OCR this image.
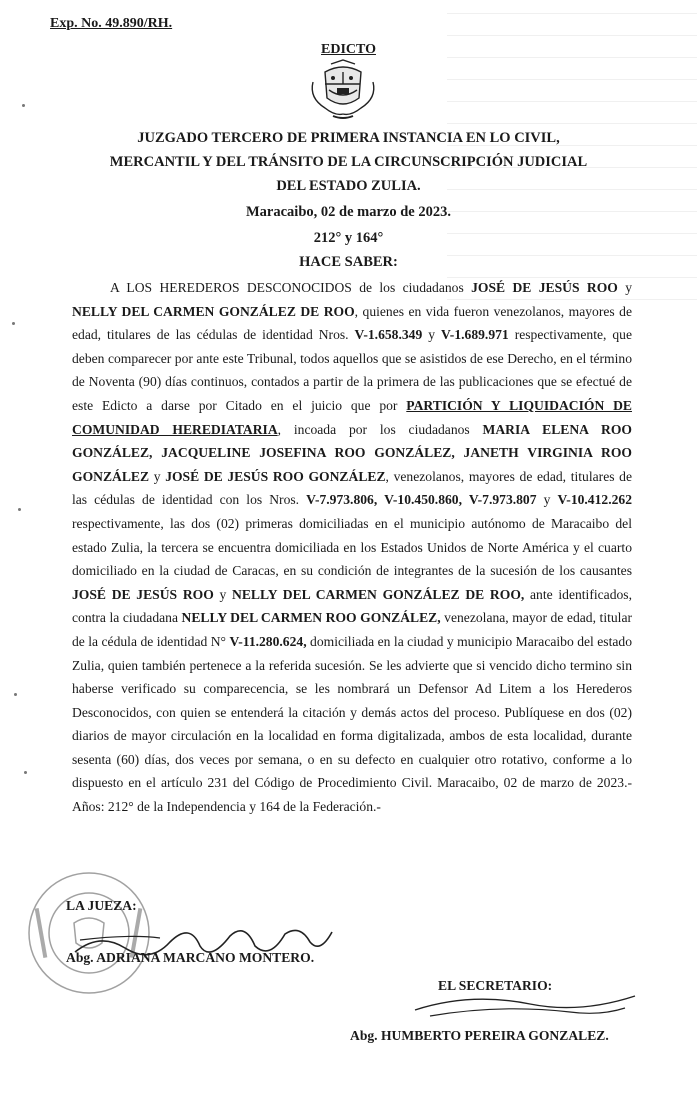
Exp. No. 49.890/RH.
EDICTO
JUZGADO TERCERO DE PRIMERA INSTANCIA EN LO CIVIL,
MERCANTIL Y DEL TRÁNSITO DE LA CIRCUNSCRIPCIÓN JUDICIAL
DEL ESTADO ZULIA.
Maracaibo, 02 de marzo de 2023.
212° y 164°
HACE SABER:

A LOS HEREDEROS DESCONOCIDOS de los ciudadanos JOSÉ DE JESÚS ROO y NELLY DEL CARMEN GONZÁLEZ DE ROO, quienes en vida fueron venezolanos, mayores de edad, titulares de las cédulas de identidad Nros. V-1.658.349 y V-1.689.971 respectivamente, que deben comparecer por ante este Tribunal, todos aquellos que se asistidos de ese Derecho, en el término de Noventa (90) días continuos, contados a partir de la primera de las publicaciones que se efectué de este Edicto a darse por Citado en el juicio que por PARTICIÓN Y LIQUIDACIÓN DE COMUNIDAD HEREDIATARIA, incoada por los ciudadanos MARIA ELENA ROO GONZÁLEZ, JACQUELINE JOSEFINA ROO GONZÁLEZ, JANETH VIRGINIA ROO GONZÁLEZ y JOSÉ DE JESÚS ROO GONZÁLEZ, venezolanos, mayores de edad, titulares de las cédulas de identidad con los Nros. V-7.973.806, V-10.450.860, V-7.973.807 y V-10.412.262 respectivamente, las dos (02) primeras domiciliadas en el municipio autónomo de Maracaibo del estado Zulia, la tercera se encuentra domiciliada en los Estados Unidos de Norte América y el cuarto domiciliado en la ciudad de Caracas, en su condición de integrantes de la sucesión de los causantes JOSÉ DE JESÚS ROO y NELLY DEL CARMEN GONZÁLEZ DE ROO, ante identificados, contra la ciudadana NELLY DEL CARMEN ROO GONZÁLEZ, venezolana, mayor de edad, titular de la cédula de identidad N° V-11.280.624, domiciliada en la ciudad y municipio Maracaibo del estado Zulia, quien también pertenece a la referida sucesión. Se les advierte que si vencido dicho termino sin haberse verificado su comparecencia, se les nombrará un Defensor Ad Litem a los Herederos Desconocidos, con quien se entenderá la citación y demás actos del proceso. Publíquese en dos (02) diarios de mayor circulación en la localidad en forma digitalizada, ambos de esta localidad, durante sesenta (60) días, dos veces por semana, o en su defecto en cualquier otro rotativo, conforme a lo dispuesto en el artículo 231 del Código de Procedimiento Civil. Maracaibo, 02 de marzo de 2023.-Años: 212° de la Independencia y 164 de la Federación.-

LA JUEZA:
Abg. ADRIANA MARCANO MONTERO.
EL SECRETARIO:
Abg. HUMBERTO PEREIRA GONZALEZ.
